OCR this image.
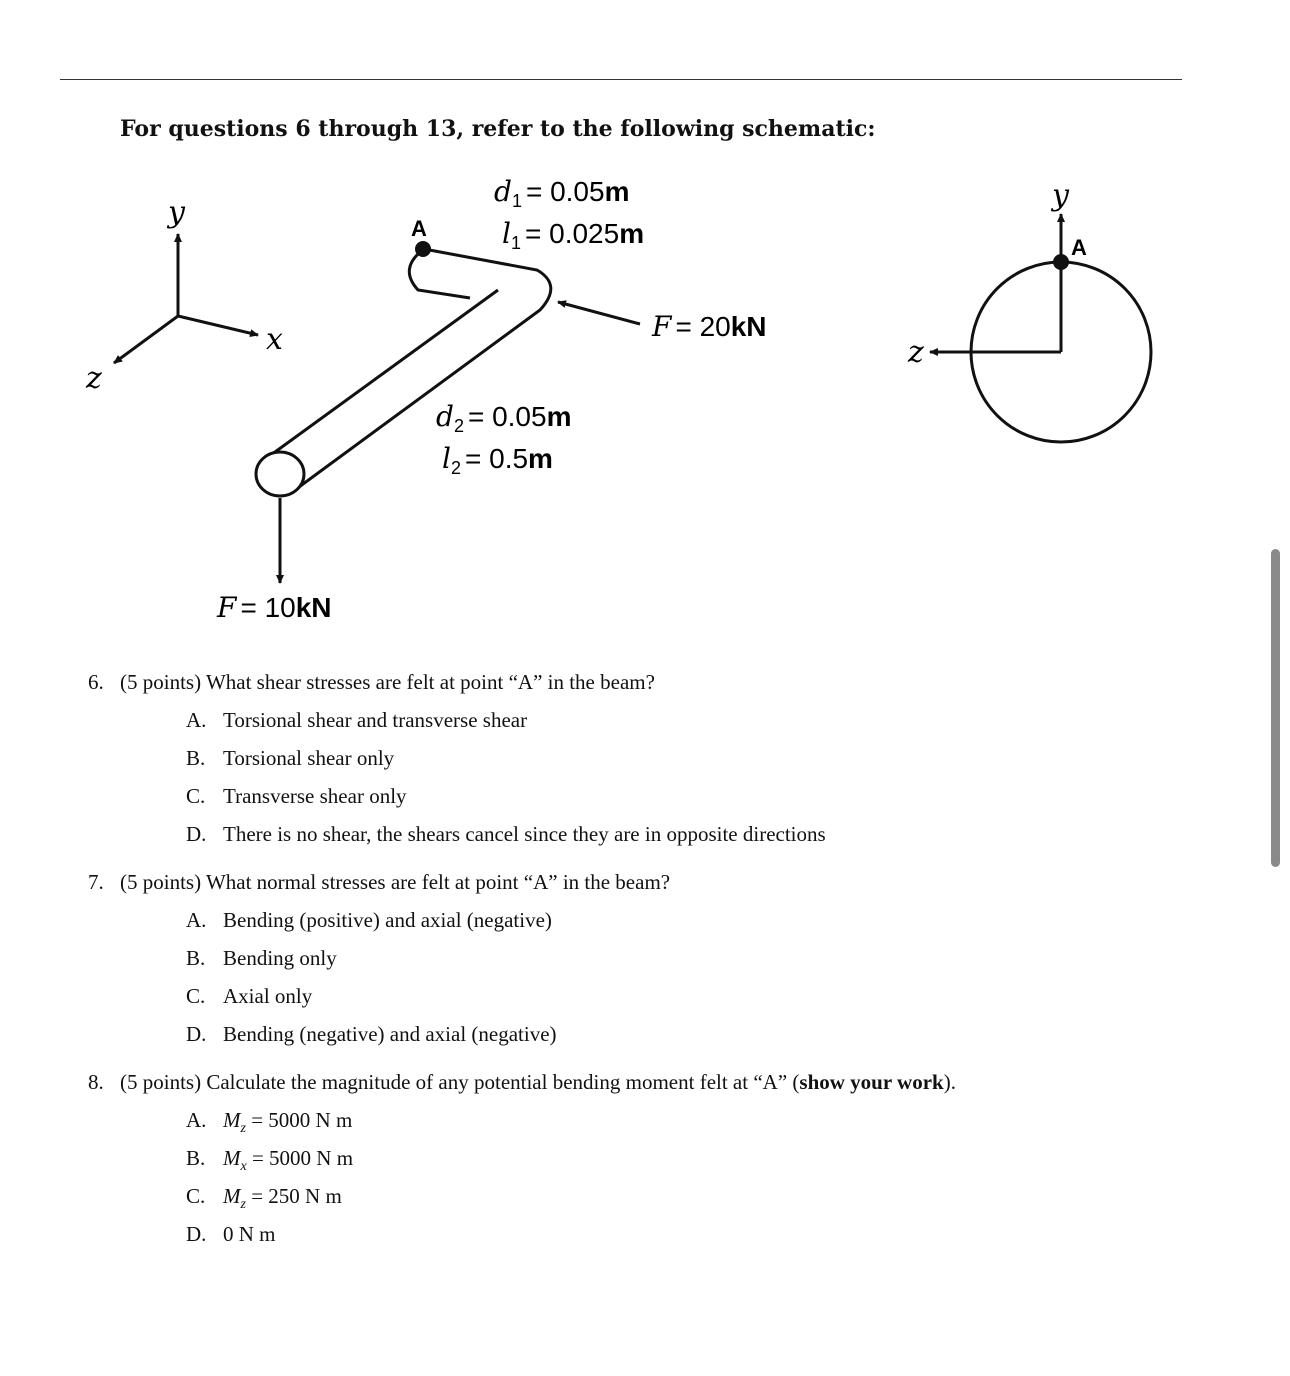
For questions 6 through 13, refer to the following schematic:
y
x
z
A
$d_1 = 0.05m$
$l_1 = 0.025m$
$d_2 = 0.05m$
$l_2 = 0.5m$
F = 20kN
F = 10kN
y
z
A
6. (5 points) What shear stresses are felt at point “A” in the beam?
A. Torsional shear and transverse shear
B. Torsional shear only
C. Transverse shear only
D. There is no shear, the shears cancel since they are in opposite directions
7. (5 points) What normal stresses are felt at point “A” in the beam?
A. Bending (positive) and axial (negative)
B. Bending only
C. Axial only
D. Bending (negative) and axial (negative)
8. (5 points) Calculate the magnitude of any potential bending moment felt at “A” (show your work).
A. $M_z = 5000$ N m
B. $M_x = 5000$ N m
C. $M_z = 250$ N m
D. 0 N m
